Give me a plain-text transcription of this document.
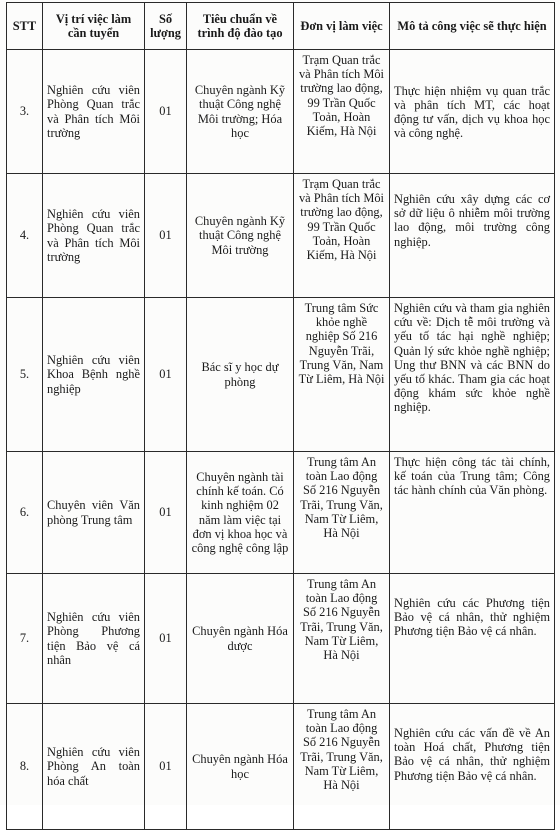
STT	Vị trí việc làm cần tuyển	Số lượng	Tiêu chuẩn về trình độ đào tạo	Đơn vị làm việc	Mô tả công việc sẽ thực hiện
3.	Nghiên cứu viên Phòng Quan trắc và Phân tích Môi trường	01	Chuyên ngành Kỹ thuật Công nghệ Môi trường; Hóa học	Trạm Quan trắc và Phân tích Môi trường lao động, 99 Trần Quốc Toản, Hoàn Kiếm, Hà Nội	Thực hiện nhiệm vụ quan trắc và phân tích MT, các hoạt động tư vấn, dịch vụ khoa học và công nghệ.
4.	Nghiên cứu viên Phòng Quan trắc và Phân tích Môi trường	01	Chuyên ngành Kỹ thuật Công nghệ Môi trường	Trạm Quan trắc và Phân tích Môi trường lao động, 99 Trần Quốc Toản, Hoàn Kiếm, Hà Nội	Nghiên cứu xây dựng các cơ sở dữ liệu ô nhiễm môi trường lao động, môi trường công nghiệp.
5.	Nghiên cứu viên Khoa Bệnh nghề nghiệp	01	Bác sĩ y học dự phòng	Trung tâm Sức khỏe nghề nghiệp Số 216 Nguyễn Trãi, Trung Văn, Nam Từ Liêm, Hà Nội	Nghiên cứu và tham gia nghiên cứu về: Dịch tễ môi trường và yếu tố tác hại nghề nghiệp; Quản lý sức khỏe nghề nghiệp; Ung thư BNN và các BNN do yếu tố khác. Tham gia các hoạt động khám sức khỏe nghề nghiệp.
6.	Chuyên viên Văn phòng Trung tâm	01	Chuyên ngành tài chính kế toán. Có kinh nghiệm 02 năm làm việc tại đơn vị khoa học và công nghệ công lập	Trung tâm An toàn Lao động Số 216 Nguyễn Trãi, Trung Văn, Nam Từ Liêm, Hà Nội	Thực hiện công tác tài chính, kế toán của Trung tâm; Công tác hành chính của Văn phòng.
7.	Nghiên cứu viên Phòng Phương tiện Bảo vệ cá nhân	01	Chuyên ngành Hóa dược	Trung tâm An toàn Lao động Số 216 Nguyễn Trãi, Trung Văn, Nam Từ Liêm, Hà Nội	Nghiên cứu các Phương tiện Bảo vệ cá nhân, thử nghiệm Phương tiện Bảo vệ cá nhân.
8.	Nghiên cứu viên Phòng An toàn hóa chất	01	Chuyên ngành Hóa học	Trung tâm An toàn Lao động Số 216 Nguyễn Trãi, Trung Văn, Nam Từ Liêm, Hà Nội	Nghiên cứu các vấn đề về An toàn Hoá chất, Phương tiện Bảo vệ cá nhân, thử nghiệm Phương tiện Bảo vệ cá nhân.
